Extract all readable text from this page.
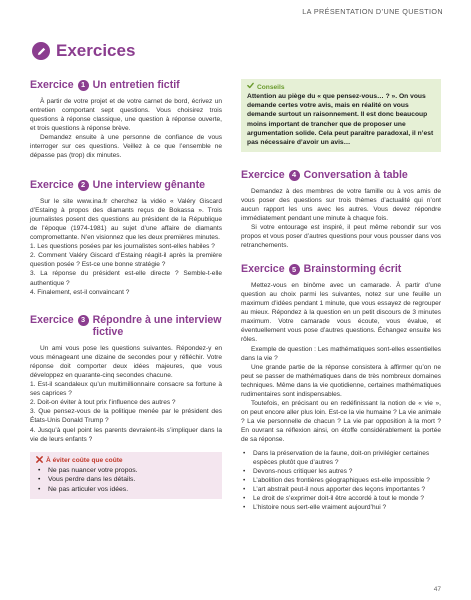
LA PRÉSENTATION D’UNE QUESTION
Exercices
Exercice	1 Un entretien fictif

À partir de votre projet et de votre carnet de bord, écrivez un entretien comportant sept questions. Vous choisirez trois questions à réponse classique, une question à réponse ouverte, et trois questions à réponse brève.

Demandez ensuite à une personne de confiance de vous interroger sur ces questions. Veillez à ce que l’ensemble ne dépasse pas (trop) dix minutes.

Exercice	2 Une interview gênante

Sur le site www.ina.fr cherchez la vidéo « Valéry Giscard d’Estaing à propos des diamants reçus de Bokassa ». Trois journalistes posent des questions au président de la République de l’époque (1974-1981) au sujet d’une affaire de diamants compromettante. N’en visionnez que les deux premières minutes.

1. Les questions posées par les journalistes sont-elles habiles ?

2. Comment Valéry Giscard d’Estaing réagit-il après la première question posée ? Est-ce une bonne stratégie ?

3. La réponse du président est-elle directe ? Semble-t-elle authentique ?

4. Finalement, est-il convaincant ?

Exercice	3 Répondre à une interview fictive

Un ami vous pose les questions suivantes. Répondez-y en vous ménageant une dizaine de secondes pour y réfléchir. Votre réponse doit comporter deux idées majeures, que vous développez en quarante-cinq secondes chacune.

1. Est-il scandaleux qu’un multimillionnaire consacre sa fortune à ses caprices ?

2. Doit-on éviter à tout prix l’influence des autres ?

3. Que pensez-vous de la politique menée par le président des États-Unis Donald Trump ?

4. Jusqu’à quel point les parents devraient-ils s’impliquer dans la vie de leurs enfants ?

À éviter coûte que coûte
• Ne pas nuancer votre propos.
• Vous perdre dans les détails.
• Ne pas articuler vos idées.
Conseils

Attention au piège du « que pensez-vous… ? ». On vous demande certes votre avis, mais en réalité on vous demande surtout un raisonnement. Il est donc beaucoup moins important de trancher que de proposer une argumentation solide. Cela peut paraître paradoxal, il n’est pas nécessaire d’avoir un avis…

Exercice	4 Conversation à table

Demandez à des membres de votre famille ou à vos amis de vous poser des questions sur trois thèmes d’actualité qui n’ont aucun rapport les uns avec les autres. Vous devez répondre immédiatement pendant une minute à chaque fois.

Si votre entourage est inspiré, il peut même rebondir sur vos propos et vous poser d’autres questions pour vous pousser dans vos retranchements.

Exercice	5 Brainstorming écrit

Mettez-vous en binôme avec un camarade. À partir d’une question au choix parmi les suivantes, notez sur une feuille un maximum d’idées pendant 1 minute, que vous essayez de regrouper au mieux. Répondez à la question en un petit discours de 3 minutes maximum. Votre camarade vous écoute, vous évalue, et éventuellement vous pose d’autres questions. Échangez ensuite les rôles.

Exemple de question : Les mathématiques sont-elles essentielles dans la vie ?

Une grande partie de la réponse consistera à affirmer qu’on ne peut se passer de mathématiques dans de très nombreux domaines techniques. Même dans la vie quotidienne, certaines mathématiques rudimentaires sont indispensables.

Toutefois, en précisant ou en redéfinissant la notion de « vie », on peut encore aller plus loin. Est-ce la vie humaine ? La vie animale ? La vie personnelle de chacun ? La vie par opposition à la mort ? En ouvrant sa réflexion ainsi, on étoffe considérablement la portée de sa réponse.

• Dans la préservation de la faune, doit-on privilégier certaines espèces plutôt que d’autres ?
• Devons-nous critiquer les autres ?
• L’abolition des frontières géographiques est-elle impossible ?
• L’art abstrait peut-il nous apporter des leçons importantes ?
• Le droit de s’exprimer doit-il être accordé à tout le monde ?
• L’histoire nous sert-elle vraiment aujourd’hui ?
47
